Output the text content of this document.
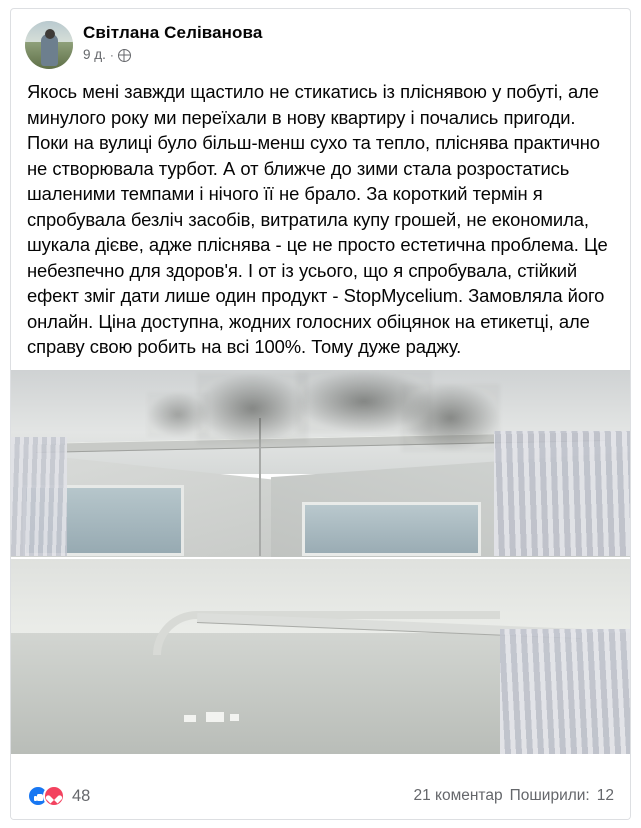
Світлана Селіванова
9 д. ·
Якось мені завжди щастило не стикатись із пліснявою у побуті, але минулого року ми переїхали в нову квартиру і почались пригоди. Поки на вулиці було більш-менш сухо та тепло, пліснява практично не створювала турбот. А от ближче до зими стала розростатись шаленими темпами і нічого її не брало. За короткий термін я спробувала безліч засобів, витратила купу грошей, не економила, шукала дієве, адже пліснява - це не просто естетична проблема. Це небезпечно для здоров'я. І от із усього, що я спробувала, стійкий ефект зміг дати лише один продукт - StopMycelium. Замовляла його онлайн. Ціна доступна, жодних голосних обіцянок на етикетці, але справу свою робить на всі 100%. Тому дуже раджу.
48	21 коментар Поширили: 12
